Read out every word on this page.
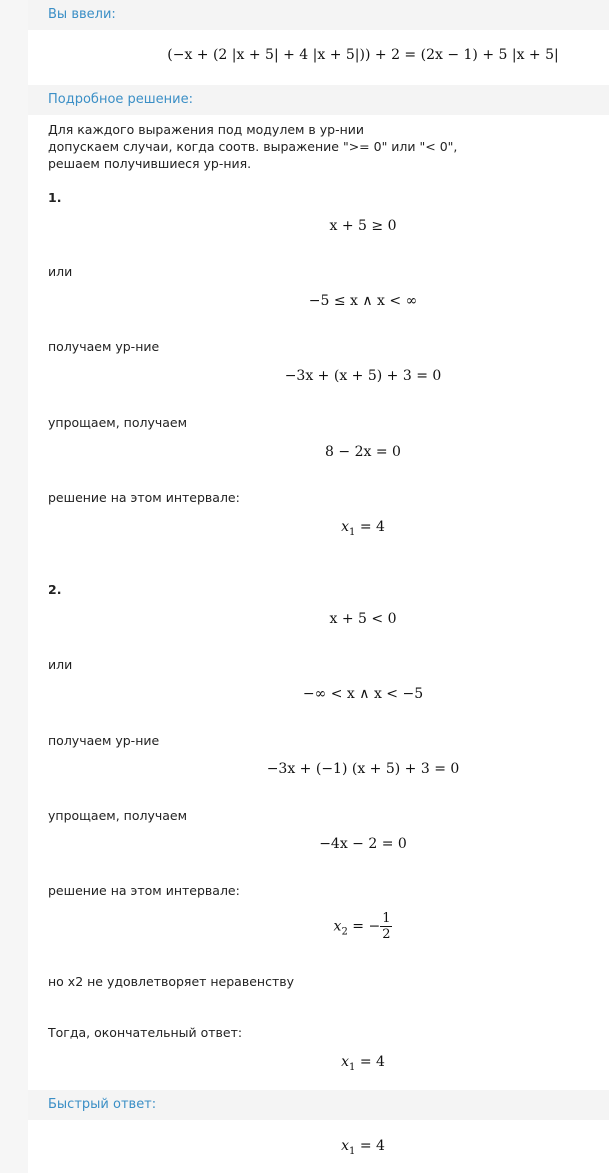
Вы ввели:
(−x + (2 |x + 5| + 4 |x + 5|)) + 2 = (2x − 1) + 5 |x + 5|
Подробное решение:
Для каждого выражения под модулем в ур-нии
допускаем случаи, когда соотв. выражение ">= 0" или "< 0",
решаем получившиеся ур-ния.
1.
x + 5 ≥ 0
или
−5 ≤ x ∧ x < ∞
получаем ур-ние
−3x + (x + 5) + 3 = 0
упрощаем, получаем
8 − 2x = 0
решение на этом интервале:
$x_1 = 4$
2.
x + 5 < 0
или
−∞ < x ∧ x < −5
получаем ур-ние
−3x + (−1) (x + 5) + 3 = 0
упрощаем, получаем
−4x − 2 = 0
решение на этом интервале:
$x_2$ = − $\frac{1}{2}$
но x2 не удовлетворяет неравенству
Тогда, окончательный ответ:
$x_1 = 4$
Быстрый ответ:
$x_1 = 4$
